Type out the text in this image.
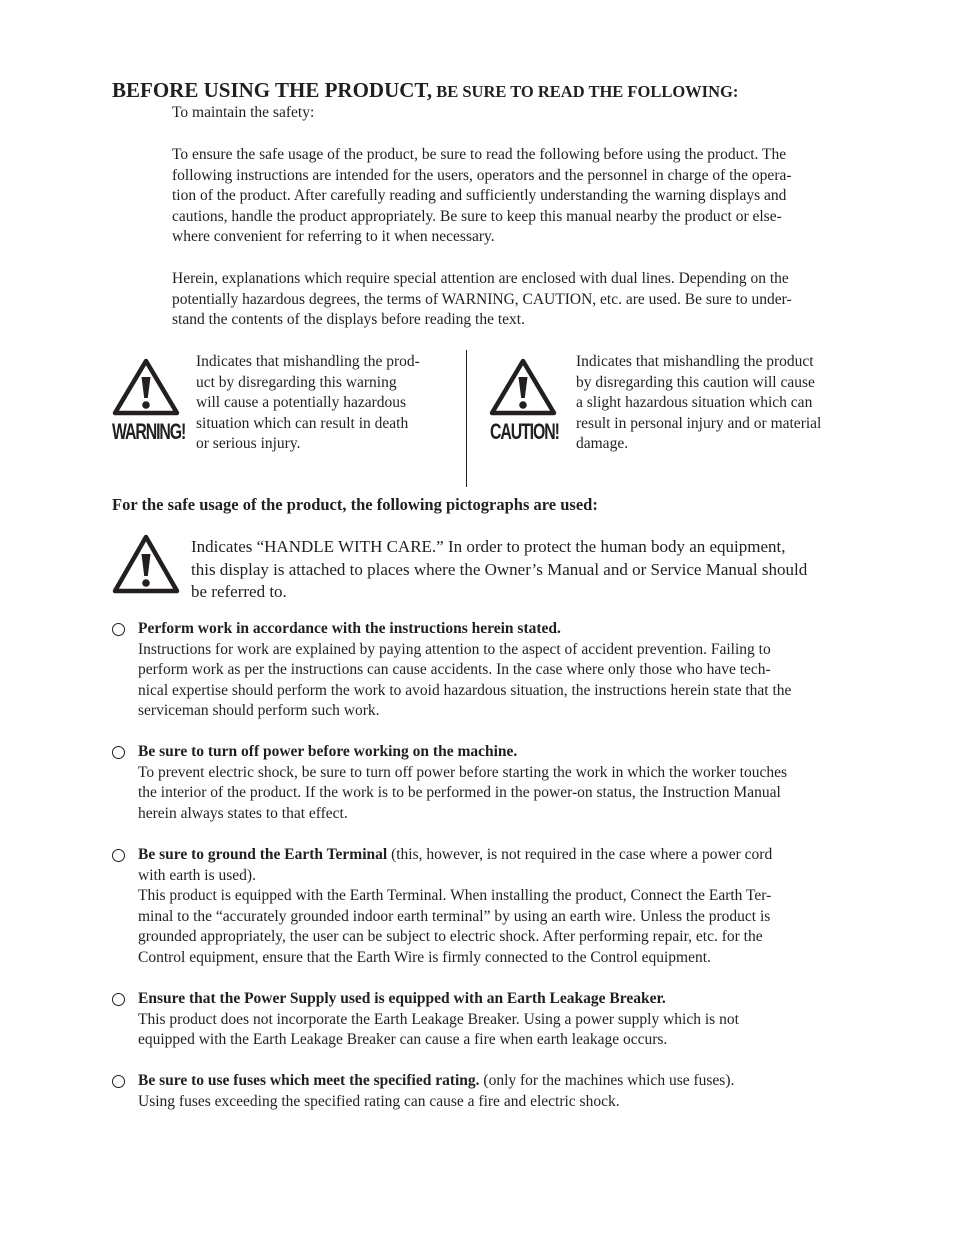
BEFORE USING THE PRODUCT, BE SURE TO READ THE FOLLOWING:
To maintain the safety:
To ensure the safe usage of the product, be sure to read the following before using the product. The
following instructions are intended for the users, operators and the personnel in charge of the opera-
tion of the product. After carefully reading and sufficiently understanding the warning displays and
cautions, handle the product appropriately. Be sure to keep this manual nearby the product or else-
where convenient for referring to it when necessary.
Herein, explanations which require special attention are enclosed with dual lines. Depending on the
potentially hazardous degrees, the terms of WARNING, CAUTION, etc. are used. Be sure to under-
stand the contents of the displays before reading the text.
WARNING!
Indicates that mishandling the prod-
uct by disregarding this warning
will cause a potentially hazardous
situation which can result in death
or serious injury.	CAUTION!
Indicates that mishandling the product
by disregarding this caution will cause
a slight hazardous situation which can
result in personal injury and or material
damage.
For the safe usage of the product, the following pictographs are used:
Indicates “HANDLE WITH CARE.” In order to protect the human body an equipment,
this display is attached to places where the Owner’s Manual and or Service Manual should
be referred to.
Perform work in accordance with the instructions herein stated.
Instructions for work are explained by paying attention to the aspect of accident prevention. Failing to
perform work as per the instructions can cause accidents. In the case where only those who have tech-
nical expertise should perform the work to avoid hazardous situation, the instructions herein state that the
serviceman should perform such work.
Be sure to turn off power before working on the machine.
To prevent electric shock, be sure to turn off power before starting the work in which the worker touches
the interior of the product. If the work is to be performed in the power-on status, the Instruction Manual
herein always states to that effect.
Be sure to ground the Earth Terminal (this, however, is not required in the case where a power cord
with earth is used).
This product is equipped with the Earth Terminal. When installing the product, Connect the Earth Ter-
minal to the “accurately grounded indoor earth terminal” by using an earth wire. Unless the product is
grounded appropriately, the user can be subject to electric shock. After performing repair, etc. for the
Control equipment, ensure that the Earth Wire is firmly connected to the Control equipment.
Ensure that the Power Supply used is equipped with an Earth Leakage Breaker.
This product does not incorporate the Earth Leakage Breaker. Using a power supply which is not
equipped with the Earth Leakage Breaker can cause a fire when earth leakage occurs.
Be sure to use fuses which meet the specified rating. (only for the machines which use fuses).
Using fuses exceeding the specified rating can cause a fire and electric shock.
